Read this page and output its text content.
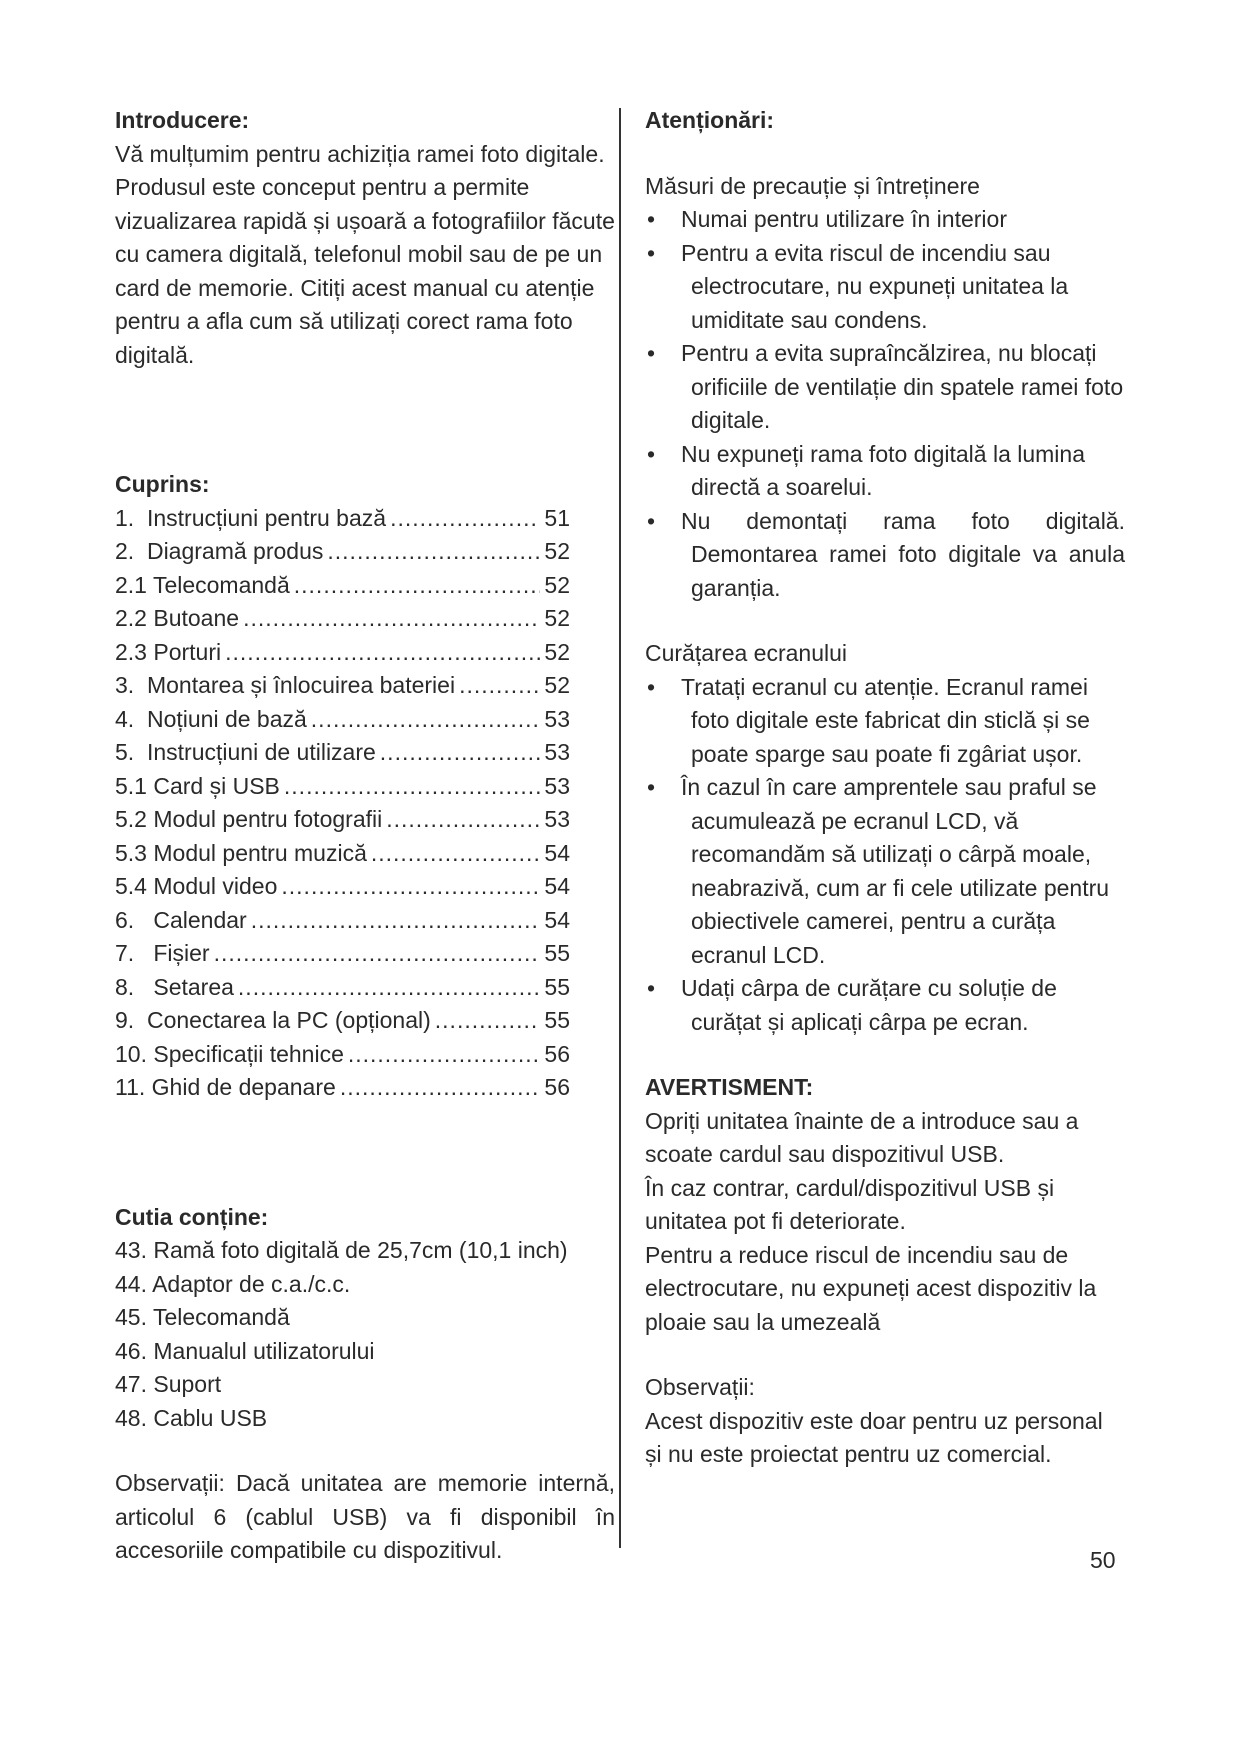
Introducere:

Vă mulțumim pentru achiziția ramei foto digitale. Produsul este conceput pentru a permite vizualizarea rapidă și ușoară a fotografiilor făcute cu camera digitală, telefonul mobil sau de pe un card de memorie. Citiți acest manual cu atenție pentru a afla cum să utilizați corect rama foto digitală.

Cuprins:

1.  Instrucțiuni pentru bază .....	51
2.  Diagramă produs .....	52
2.1 Telecomandă .....	52
2.2 Butoane .....	52
2.3 Porturi .....	52
3.  Montarea și înlocuirea bateriei .....	52
4.  Noțiuni de bază .....	53
5.  Instrucțiuni de utilizare .....	53
5.1 Card și USB .....	53
5.2 Modul pentru fotografii .....	53
5.3 Modul pentru muzică .....	54
5.4 Modul video .....	54
6.   Calendar .....	54
7.   Fișier .....	55
8.   Setarea .....	55
9.  Conectarea la PC (opțional) .....	55
10. Specificații tehnice .....	56
11. Ghid de depanare .....	56

Cutia conține:

43. Ramă foto digitală de 25,7cm (10,1 inch)

44. Adaptor de c.a./c.c.

45. Telecomandă

46. Manualul utilizatorului

47. Suport

48. Cablu USB

Observații: Dacă unitatea are memorie internă, articolul 6 (cablul USB) va fi disponibil în accesoriile compatibile cu dispozitivul.

Atenționări:

Măsuri de precauție și întreținere

• Numai pentru utilizare în interior
• Pentru a evita riscul de incendiu sau electrocutare, nu expuneți unitatea la umiditate sau condens.
• Pentru a evita supraîncălzirea, nu blocați orificiile de ventilație din spatele ramei foto digitale.
• Nu expuneți rama foto digitală la lumina directă a soarelui.
• Nu demontați rama foto digitală. Demontarea ramei foto digitale va anula garanția.

Curățarea ecranului

• Tratați ecranul cu atenție. Ecranul ramei foto digitale este fabricat din sticlă și se poate sparge sau poate fi zgâriat ușor.
• În cazul în care amprentele sau praful se acumulează pe ecranul LCD, vă recomandăm să utilizați o cârpă moale, neabrazivă, cum ar fi cele utilizate pentru obiectivele camerei, pentru a curăța ecranul LCD.
• Udați cârpa de curățare cu soluție de curățat și aplicați cârpa pe ecran.

AVERTISMENT:

Opriți unitatea înainte de a introduce sau a scoate cardul sau dispozitivul USB.

În caz contrar, cardul/dispozitivul USB și unitatea pot fi deteriorate.

Pentru a reduce riscul de incendiu sau de electrocutare, nu expuneți acest dispozitiv la ploaie sau la umezeală

Observații:

Acest dispozitiv este doar pentru uz personal și nu este proiectat pentru uz comercial.

50
